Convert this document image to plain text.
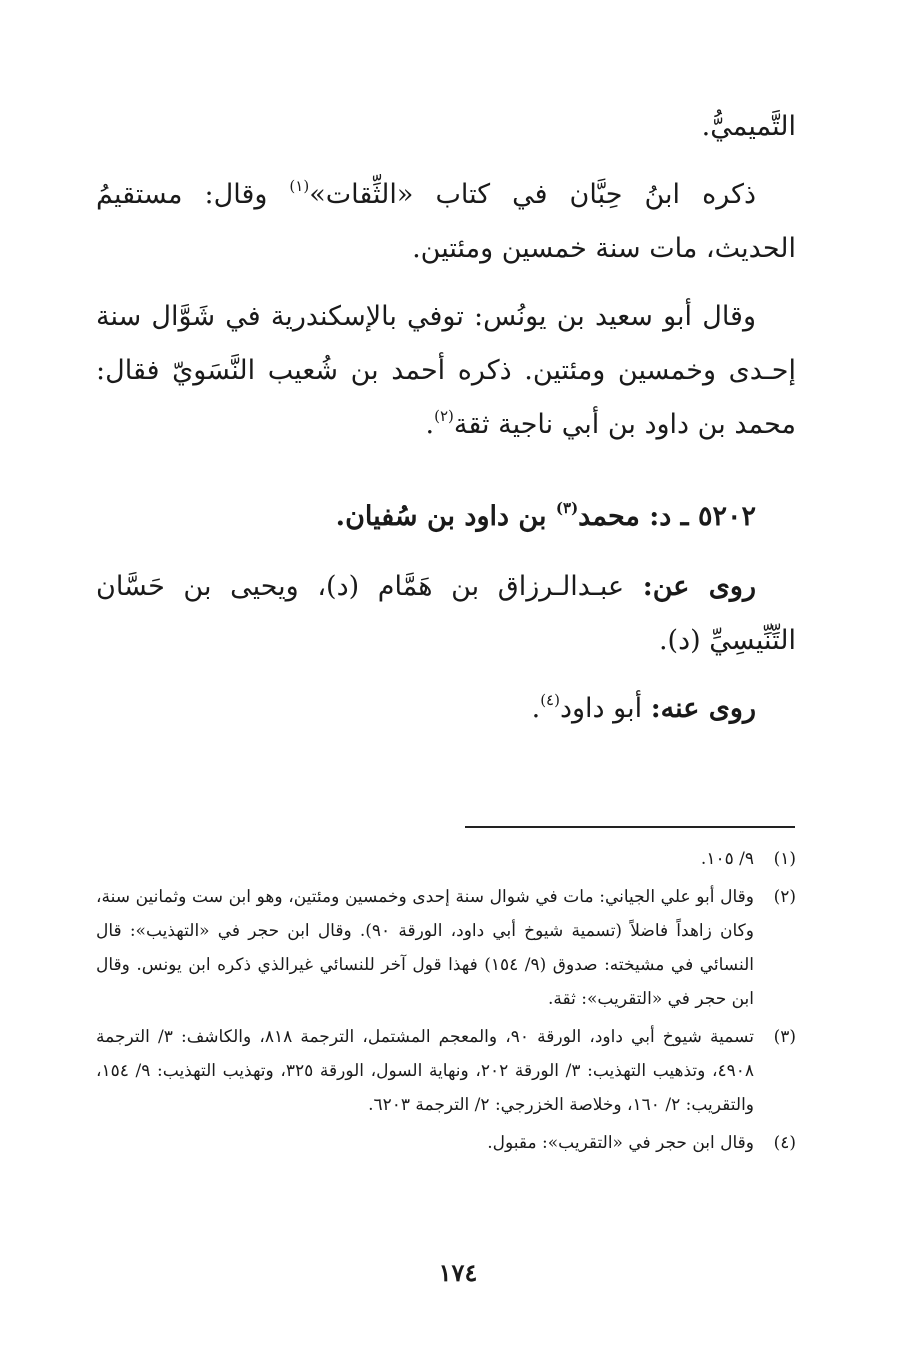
التَّميميُّ.

ذكره ابنُ حِبَّان في كتاب «الثِّقات»$^{(١)}$ وقال: مستقيمُ الحديث، مات سنة خمسين ومئتين.

وقال أبو سعيد بن يونُس: توفي بالإسكندرية في شَوَّال سنة إحـدى وخمسين ومئتين. ذكره أحمد بن شُعيب النَّسَويّ فقال: محمد بن داود بن أبي ناجية ثقة$^{(٢)}$.

٥٢٠٢ ـ د: محمد$^{(٣)}$ بن داود بن سُفيان.

روى عن: عبـدالـرزاق بن هَمَّام (د)، ويحيى بن حَسَّان التِّنِّيسِيِّ (د).

روى عنه: أبو داود$^{(٤)}$.

(١)
٩/ ١٠٥.
(٢)
وقال أبو علي الجياني: مات في شوال سنة إحدى وخمسين ومئتين، وهو ابن ست وثمانين سنة، وكان زاهداً فاضلاً (تسمية شيوخ أبي داود، الورقة ٩٠). وقال ابن حجر في «التهذيب»: قال النسائي في مشيخته: صدوق (٩/ ١٥٤) فهذا قول آخر للنسائي غيرالذي ذكره ابن يونس. وقال ابن حجر في «التقريب»: ثقة.
(٣)
تسمية شيوخ أبي داود، الورقة ٩٠، والمعجم المشتمل، الترجمة ٨١٨، والكاشف: ٣/ الترجمة ٤٩٠٨، وتذهيب التهذيب: ٣/ الورقة ٢٠٢، ونهاية السول، الورقة ٣٢٥، وتهذيب التهذيب: ٩/ ١٥٤، والتقريب: ٢/ ١٦٠، وخلاصة الخزرجي: ٢/ الترجمة ٦٢٠٣.
(٤)
وقال ابن حجر في «التقريب»: مقبول.
١٧٤
